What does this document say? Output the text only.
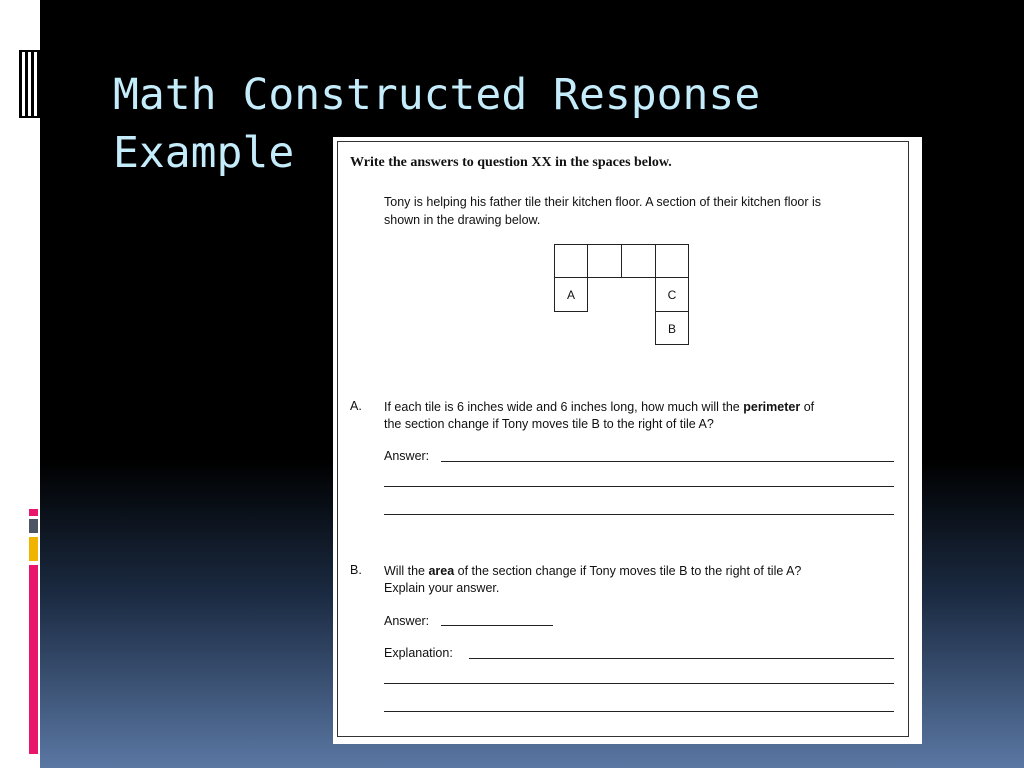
Math Constructed Response
Example	Write the answers to question XX in the spaces below.
Tony is helping his father tile their kitchen floor. A section of their kitchen floor is
shown in the drawing below.
A	C
B
A. If each tile is 6 inches wide and 6 inches long, how much will the perimeter of
the section change if Tony moves tile B to the right of tile A?
Answer:
B. Will the area of the section change if Tony moves tile B to the right of tile A?
Explain your answer.
Answer:
Explanation:
